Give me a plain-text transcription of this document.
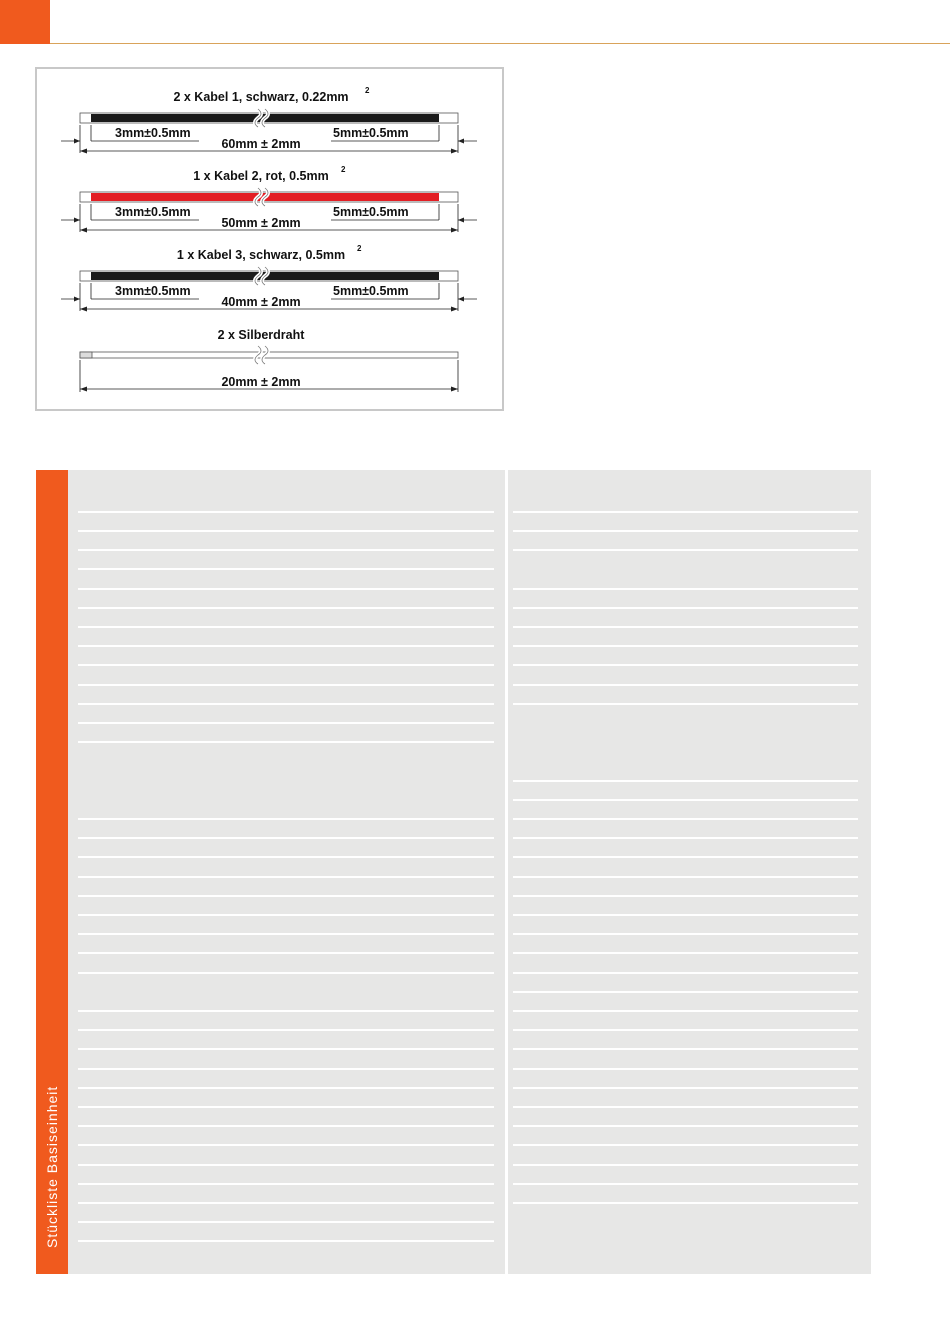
2 x Kabel 1, schwarz, 0.22mm 2
3mm±0.5mm	5mm±0.5mm
60mm ± 2mm
1 x Kabel 2, rot, 0.5mm 2
3mm±0.5mm	5mm±0.5mm
50mm ± 2mm
1 x Kabel 3, schwarz, 0.5mm 2
3mm±0.5mm	5mm±0.5mm
40mm ± 2mm
2 x Silberdraht
20mm ± 2mm
Stückliste Basiseinheit
